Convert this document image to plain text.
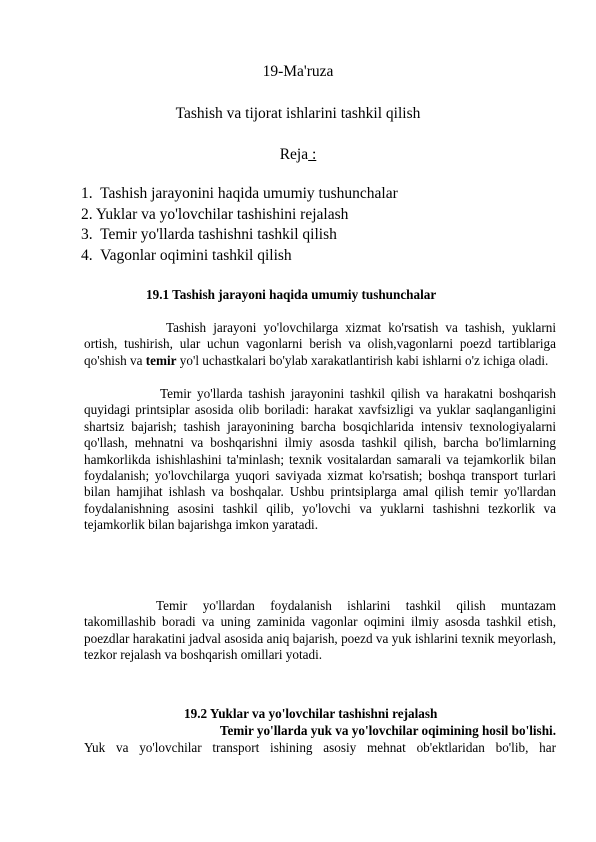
19-Ma'ruza
Tashish va tijorat ishlarini tashkil qilish
Reja :
1.  Tashish jarayonini haqida umumiy tushunchalar
2. Yuklar va yo'lovchilar tashishini rejalash
3.  Temir yo'llarda tashishni tashkil qilish
4.  Vagonlar oqimini tashkil qilish
19.1 Tashish jarayoni haqida umumiy tushunchalar
Tashish jarayoni yo'lovchilarga xizmat ko'rsatish va tashish, yuklarni ortish, tushirish, ular uchun vagonlarni berish va olish,vagonlarni poezd tartiblariga qo'shish va temir yo'l uchastkalari bo'ylab xarakatlantirish kabi ishlarni o'z ichiga oladi.
Temir yo'llarda tashish jarayonini tashkil qilish va harakatni boshqarish quyidagi printsiplar asosida olib boriladi: harakat xavfsizligi va yuklar saqlanganligini shartsiz bajarish; tashish jarayonining barcha bosqichlarida intensiv texnologiyalarni qo'llash, mehnatni va boshqarishni ilmiy asosda tashkil qilish, barcha bo'limlarning hamkorlikda ishishlashini ta'minlash; texnik vositalardan samarali va tejamkorlik bilan foydalanish; yo'lovchilarga yuqori saviyada xizmat ko'rsatish; boshqa transport turlari bilan hamjihat ishlash va boshqalar. Ushbu printsiplarga amal qilish temir yo'llardan foydalanishning asosini tashkil qilib, yo'lovchi va yuklarni tashishni tezkorlik va tejamkorlik bilan bajarishga imkon yaratadi.
Temir yo'llardan foydalanish ishlarini tashkil qilish muntazam takomillashib boradi va uning zaminida vagonlar oqimini ilmiy asosda tashkil etish, poezdlar harakatini jadval asosida aniq bajarish, poezd va yuk ishlarini texnik meyorlash, tezkor rejalash va boshqarish omillari yotadi.
19.2 Yuklar va yo'lovchilar tashishni rejalash
Temir yo'llarda yuk va yo'lovchilar oqimining hosil bo'lishi.
Yuk va yo'lovchilar transport ishining asosiy mehnat ob'ektlaridan bo'lib, har
